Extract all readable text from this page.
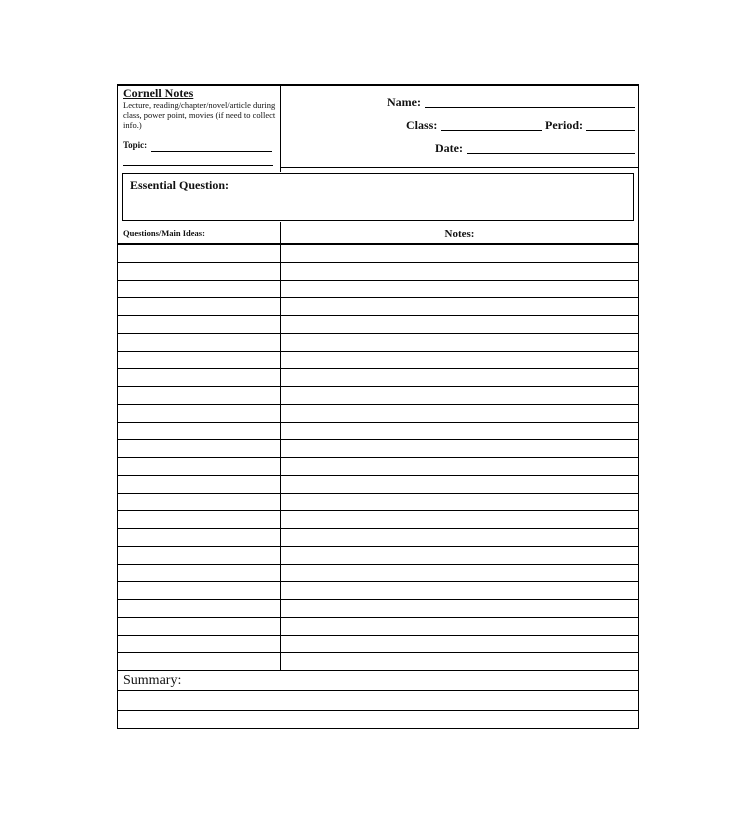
Cornell Notes
Lecture, reading/chapter/novel/article during class, power point, movies (if need to collect info.)
Topic:
Name:
Class:	Period:
Date:
Essential Question:
Questions/Main Ideas:	Notes:
Summary:
